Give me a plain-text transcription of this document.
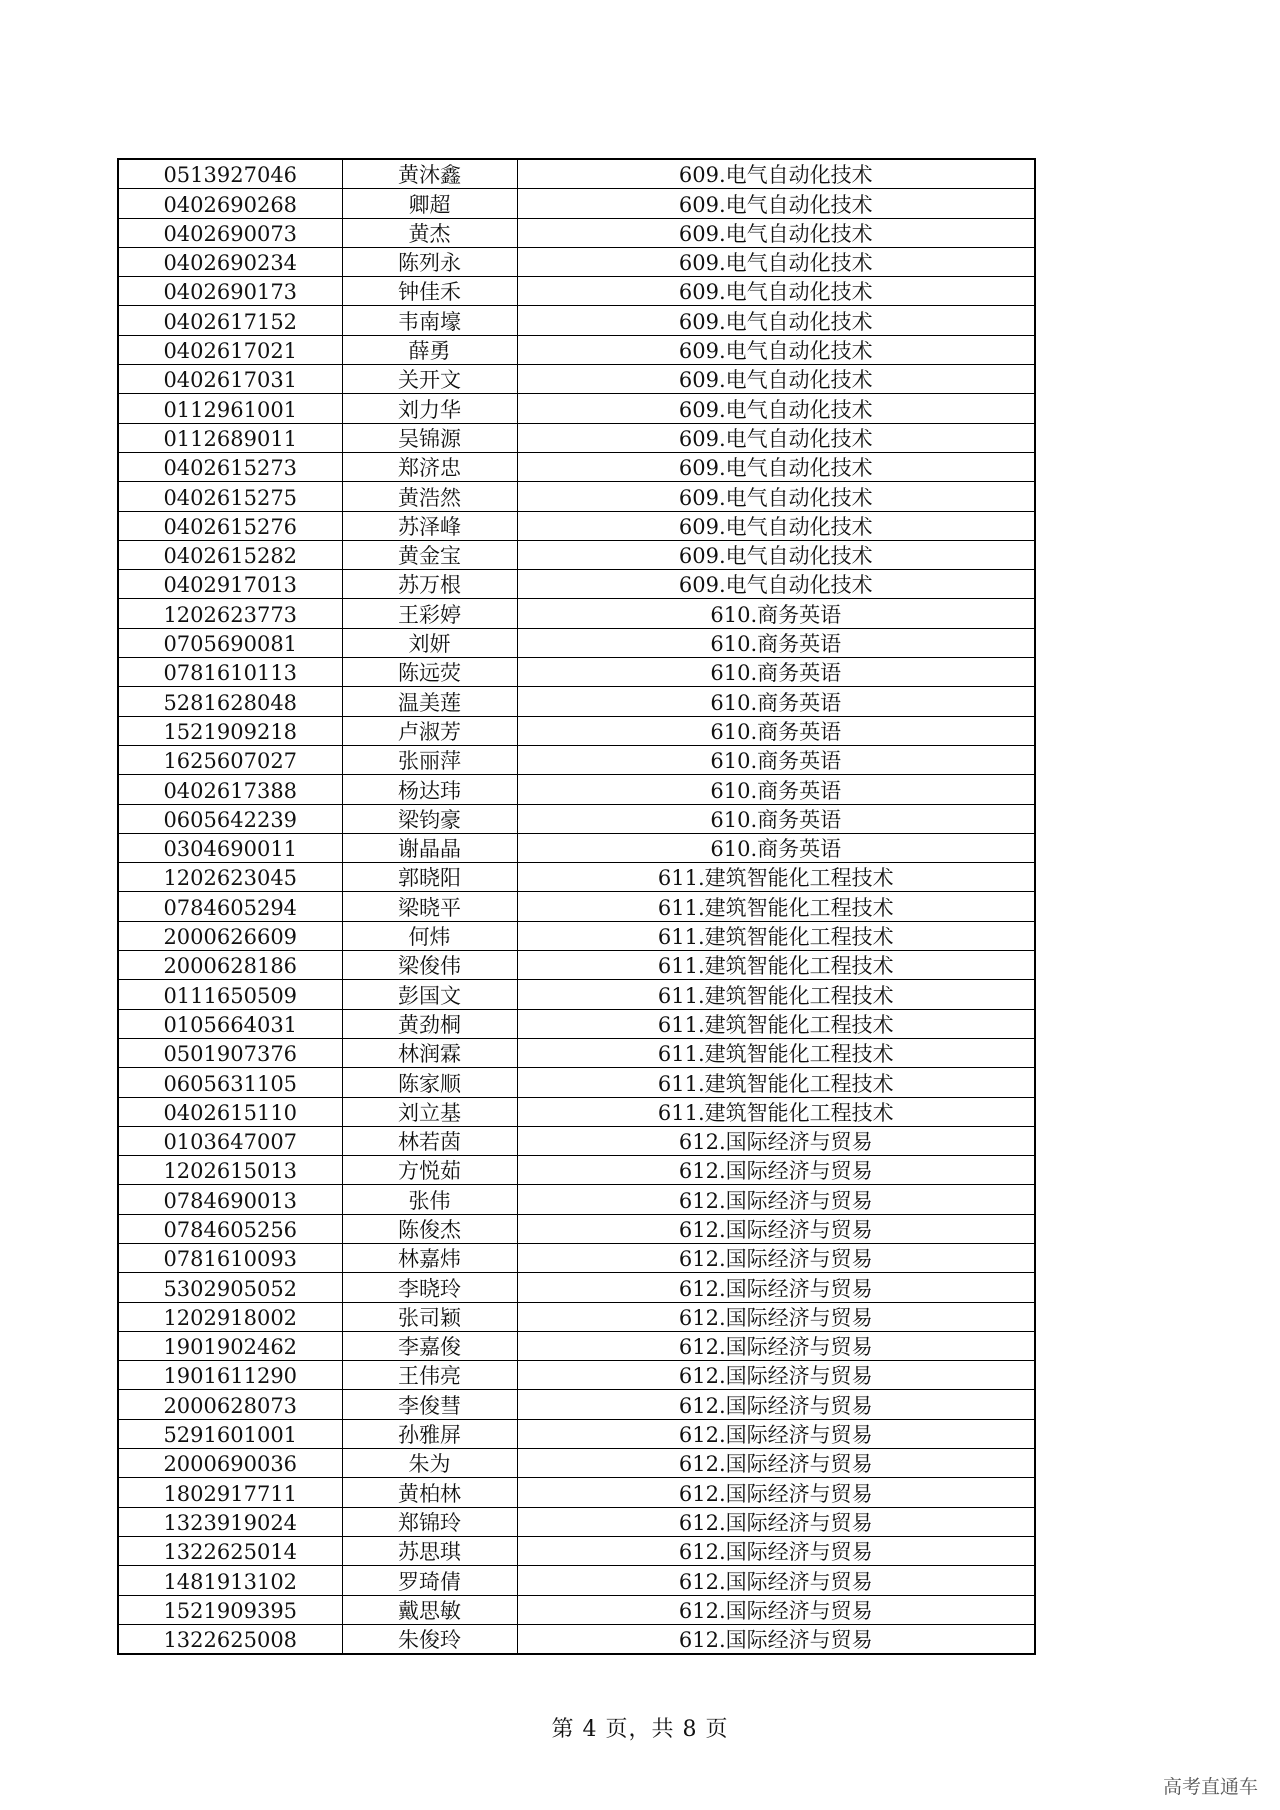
0513927046	黄沐鑫	609.电气自动化技术
0402690268	卿超	609.电气自动化技术
0402690073	黄杰	609.电气自动化技术
0402690234	陈列永	609.电气自动化技术
0402690173	钟佳禾	609.电气自动化技术
0402617152	韦南壕	609.电气自动化技术
0402617021	薛勇	609.电气自动化技术
0402617031	关开文	609.电气自动化技术
0112961001	刘力华	609.电气自动化技术
0112689011	吴锦源	609.电气自动化技术
0402615273	郑济忠	609.电气自动化技术
0402615275	黄浩然	609.电气自动化技术
0402615276	苏泽峰	609.电气自动化技术
0402615282	黄金宝	609.电气自动化技术
0402917013	苏万根	609.电气自动化技术
1202623773	王彩婷	610.商务英语
0705690081	刘妍	610.商务英语
0781610113	陈远荧	610.商务英语
5281628048	温美莲	610.商务英语
1521909218	卢淑芳	610.商务英语
1625607027	张丽萍	610.商务英语
0402617388	杨达玮	610.商务英语
0605642239	梁钧豪	610.商务英语
0304690011	谢晶晶	610.商务英语
1202623045	郭晓阳	611.建筑智能化工程技术
0784605294	梁晓平	611.建筑智能化工程技术
2000626609	何炜	611.建筑智能化工程技术
2000628186	梁俊伟	611.建筑智能化工程技术
0111650509	彭国文	611.建筑智能化工程技术
0105664031	黄劲桐	611.建筑智能化工程技术
0501907376	林润霖	611.建筑智能化工程技术
0605631105	陈家顺	611.建筑智能化工程技术
0402615110	刘立基	611.建筑智能化工程技术
0103647007	林若茵	612.国际经济与贸易
1202615013	方悦茹	612.国际经济与贸易
0784690013	张伟	612.国际经济与贸易
0784605256	陈俊杰	612.国际经济与贸易
0781610093	林嘉炜	612.国际经济与贸易
5302905052	李晓玲	612.国际经济与贸易
1202918002	张司颖	612.国际经济与贸易
1901902462	李嘉俊	612.国际经济与贸易
1901611290	王伟亮	612.国际经济与贸易
2000628073	李俊彗	612.国际经济与贸易
5291601001	孙雅屏	612.国际经济与贸易
2000690036	朱为	612.国际经济与贸易
1802917711	黄柏林	612.国际经济与贸易
1323919024	郑锦玲	612.国际经济与贸易
1322625014	苏思琪	612.国际经济与贸易
1481913102	罗琦倩	612.国际经济与贸易
1521909395	戴思敏	612.国际经济与贸易
1322625008	朱俊玲	612.国际经济与贸易
第 4 页，共 8 页
高考直通车
